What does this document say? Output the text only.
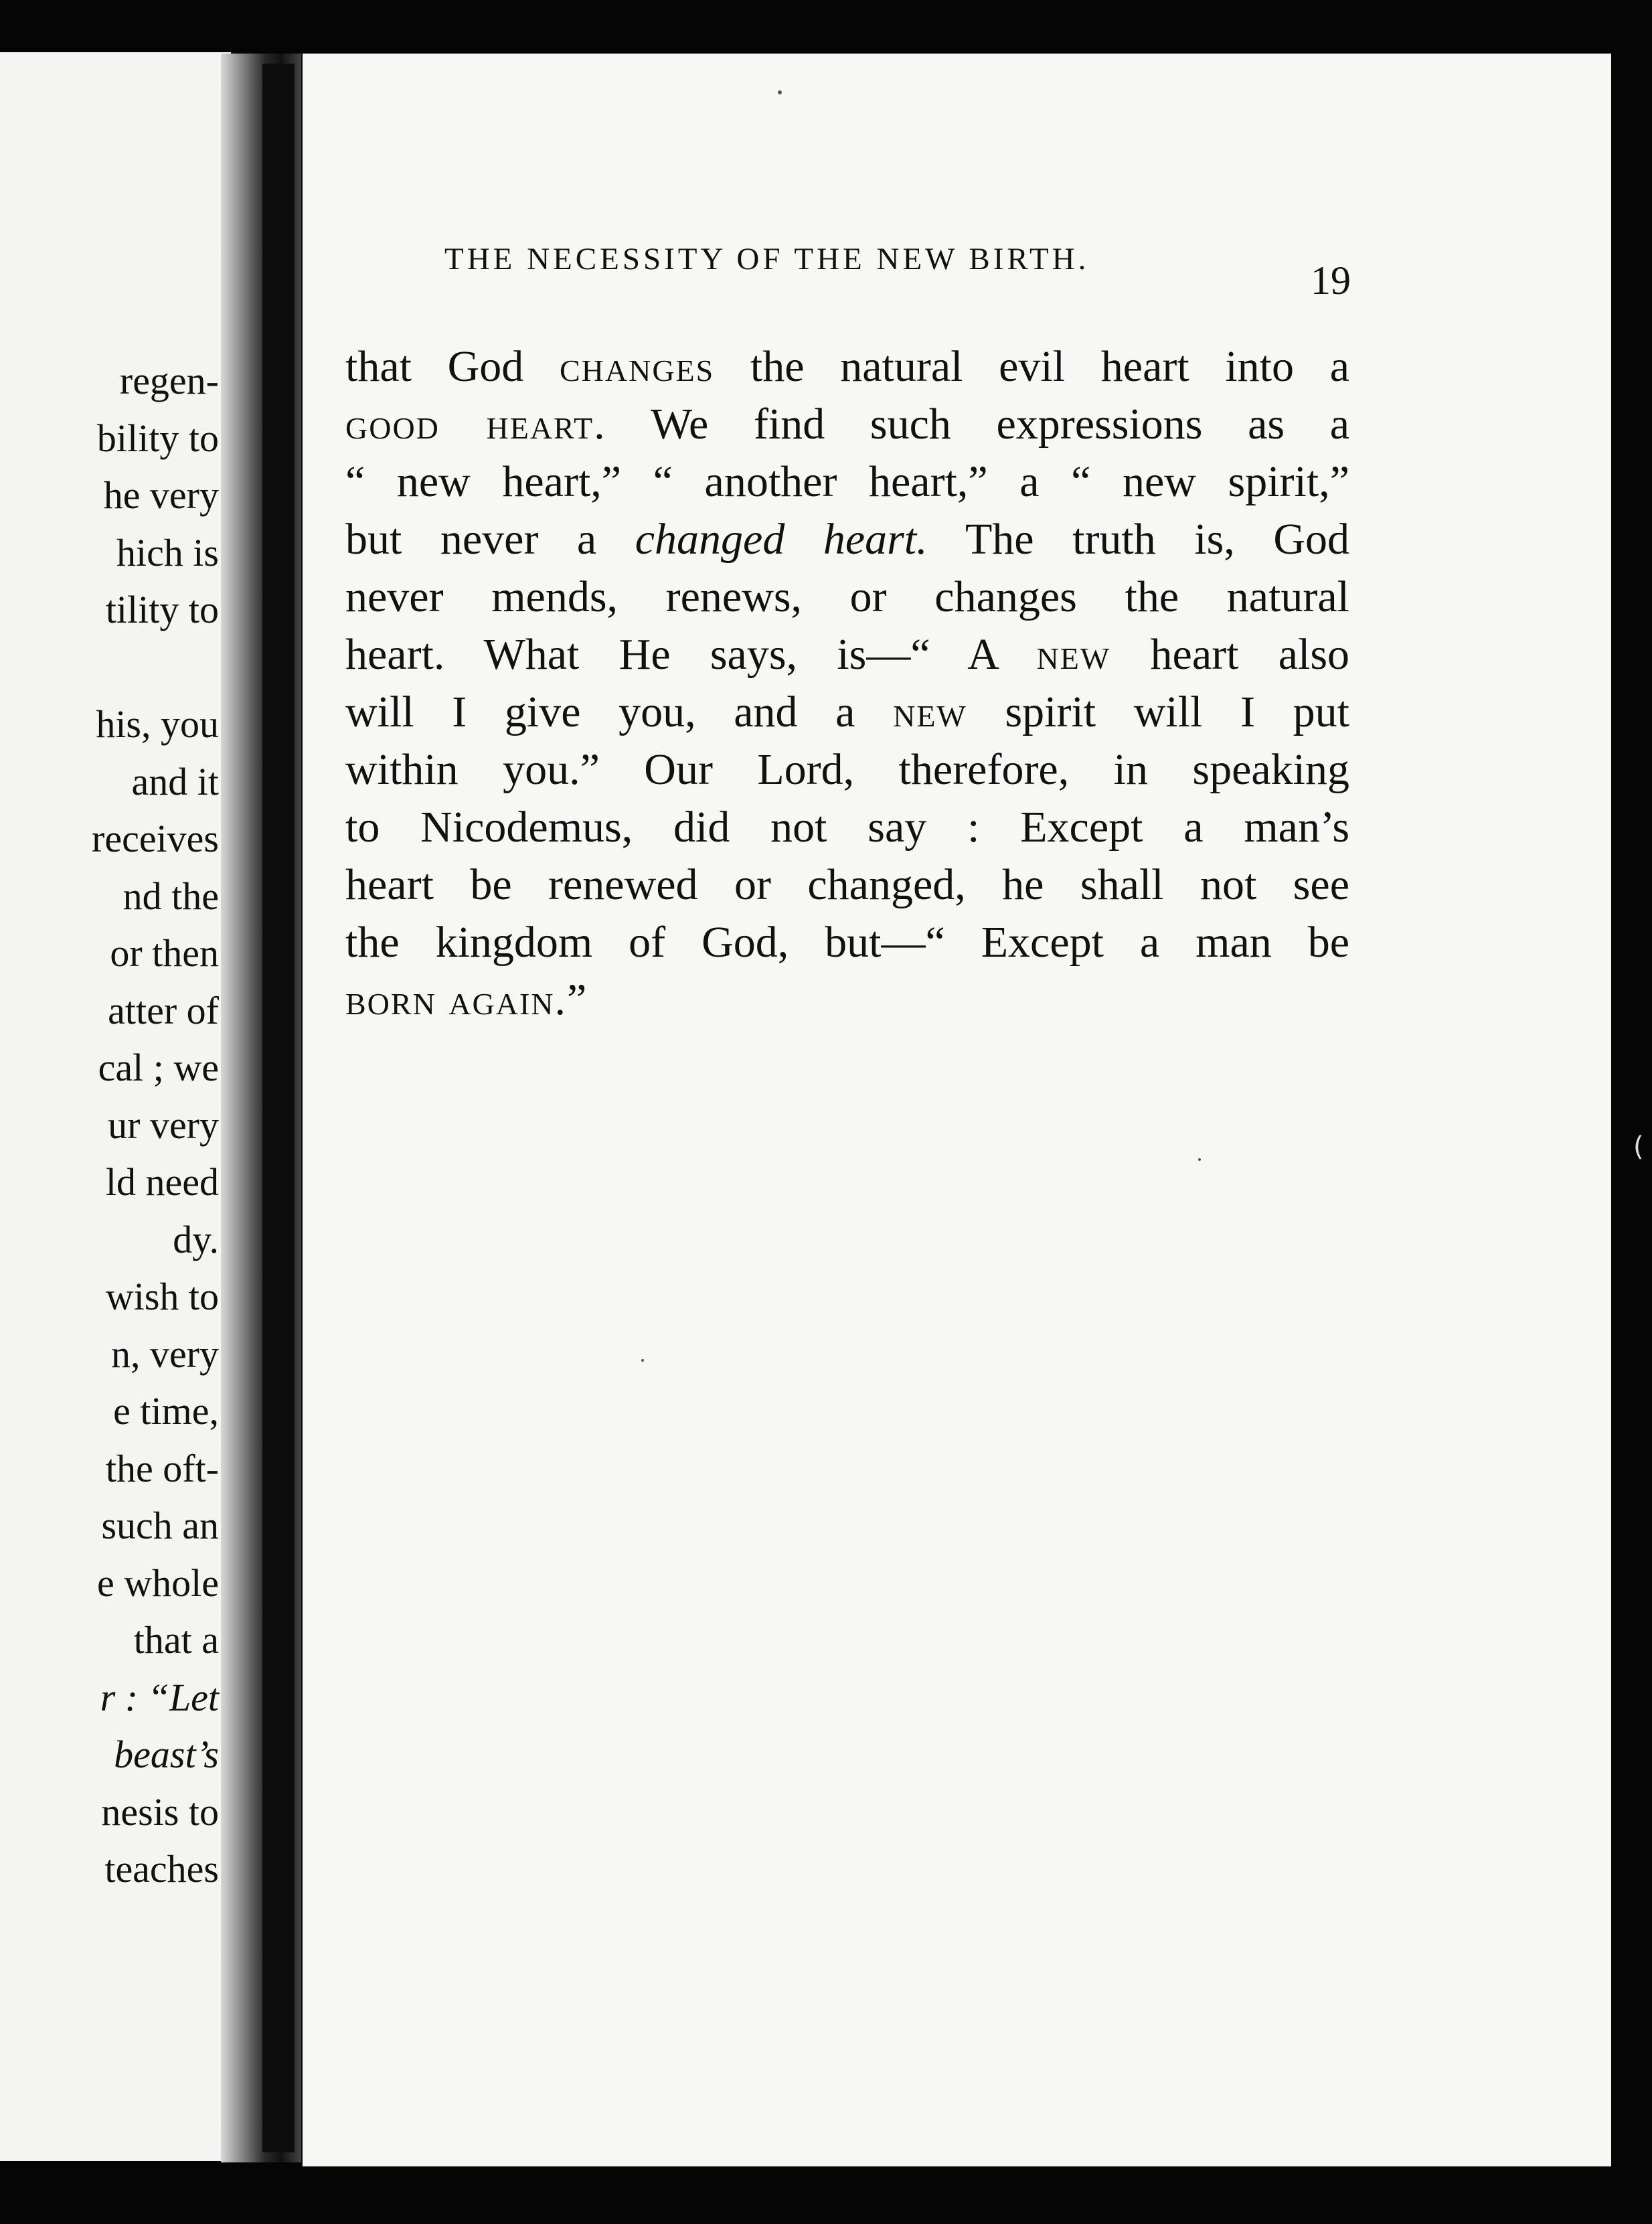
regen-
bility to
he very
hich is
tility to
his, you
and it
receives
nd the
or then
atter of
cal ; we
ur very
ld need
dy.
wish to
n, very
e time,
the oft-
such an
e whole
that a
r : “Let
beast’s
nesis to
teaches
THE NECESSITY OF THE NEW BIRTH.	19
that God changes the natural evil heart into a
good heart. We find such expressions as a
“ new heart,” “ another heart,” a “ new spirit,”
but never a changed heart. The truth is, God
never mends, renews, or changes the natural
heart. What He says, is—“ A new heart also
will I give you, and a new spirit will I put
within you.” Our Lord, therefore, in speaking
to Nicodemus, did not say : Except a man’s
heart be renewed or changed, he shall not see
the kingdom of God, but—“ Except a man be
born again.”
(
